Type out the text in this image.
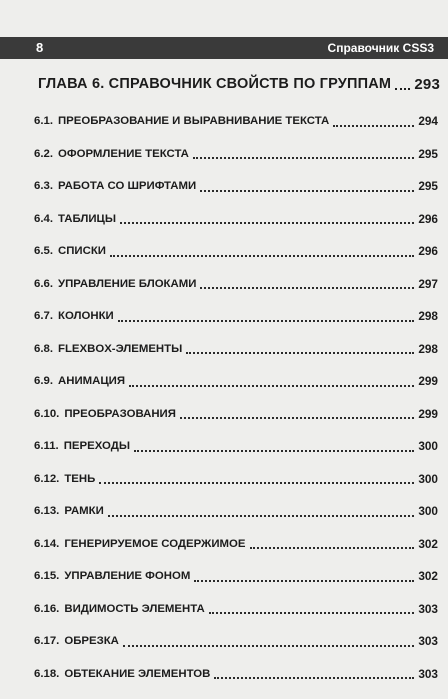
8	Справочник CSS3
ГЛАВА 6. СПРАВОЧНИК СВОЙСТВ ПО ГРУППАМ 293
6.1. ПРЕОБРАЗОВАНИЕ И ВЫРАВНИВАНИЕ ТЕКСТА	294
6.2. ОФОРМЛЕНИЕ ТЕКСТА	295
6.3. РАБОТА СО ШРИФТАМИ	295
6.4. ТАБЛИЦЫ	296
6.5. СПИСКИ	296
6.6. УПРАВЛЕНИЕ БЛОКАМИ	297
6.7. КОЛОНКИ	298
6.8. FLEXBOX-ЭЛЕМЕНТЫ	298
6.9. АНИМАЦИЯ	299
6.10. ПРЕОБРАЗОВАНИЯ	299
6.11. ПЕРЕХОДЫ	300
6.12. ТЕНЬ	300
6.13. РАМКИ	300
6.14. ГЕНЕРИРУЕМОЕ СОДЕРЖИМОЕ	302
6.15. УПРАВЛЕНИЕ ФОНОМ	302
6.16. ВИДИМОСТЬ ЭЛЕМЕНТА	303
6.17. ОБРЕЗКА	303
6.18. ОБТЕКАНИЕ ЭЛЕМЕНТОВ	303
